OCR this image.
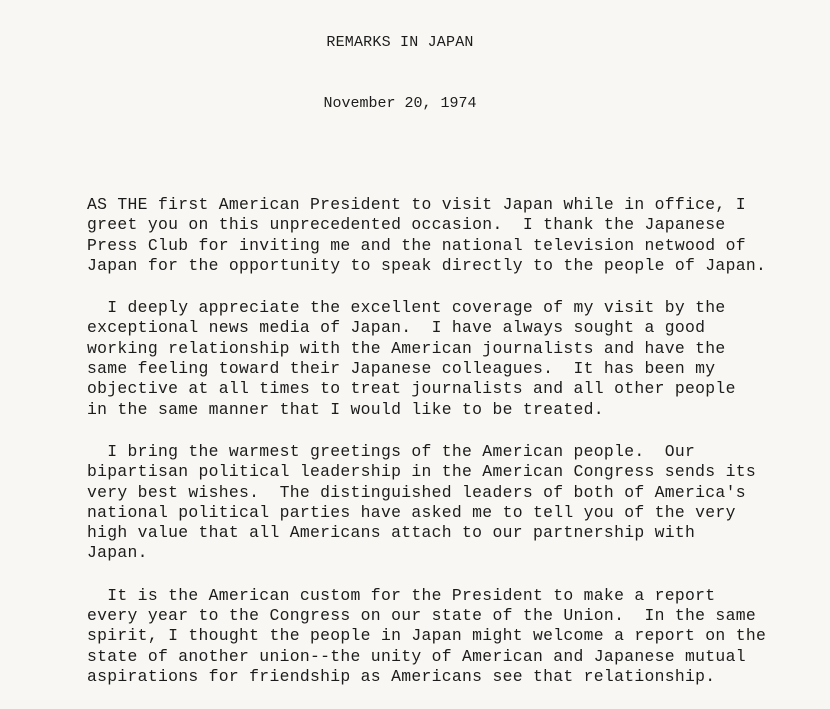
REMARKS IN JAPAN
November 20, 1974

AS THE first American President to visit Japan while in office, I
greet you on this unprecedented occasion.  I thank the Japanese
Press Club for inviting me and the national television netwood of
Japan for the opportunity to speak directly to the people of Japan.

I deeply appreciate the excellent coverage of my visit by the
exceptional news media of Japan.  I have always sought a good
working relationship with the American journalists and have the
same feeling toward their Japanese colleagues.  It has been my
objective at all times to treat journalists and all other people
in the same manner that I would like to be treated.

I bring the warmest greetings of the American people.  Our
bipartisan political leadership in the American Congress sends its
very best wishes.  The distinguished leaders of both of America's
national political parties have asked me to tell you of the very
high value that all Americans attach to our partnership with
Japan.

It is the American custom for the President to make a report
every year to the Congress on our state of the Union.  In the same
spirit, I thought the people in Japan might welcome a report on the
state of another union--the unity of American and Japanese mutual
aspirations for friendship as Americans see that relationship.
